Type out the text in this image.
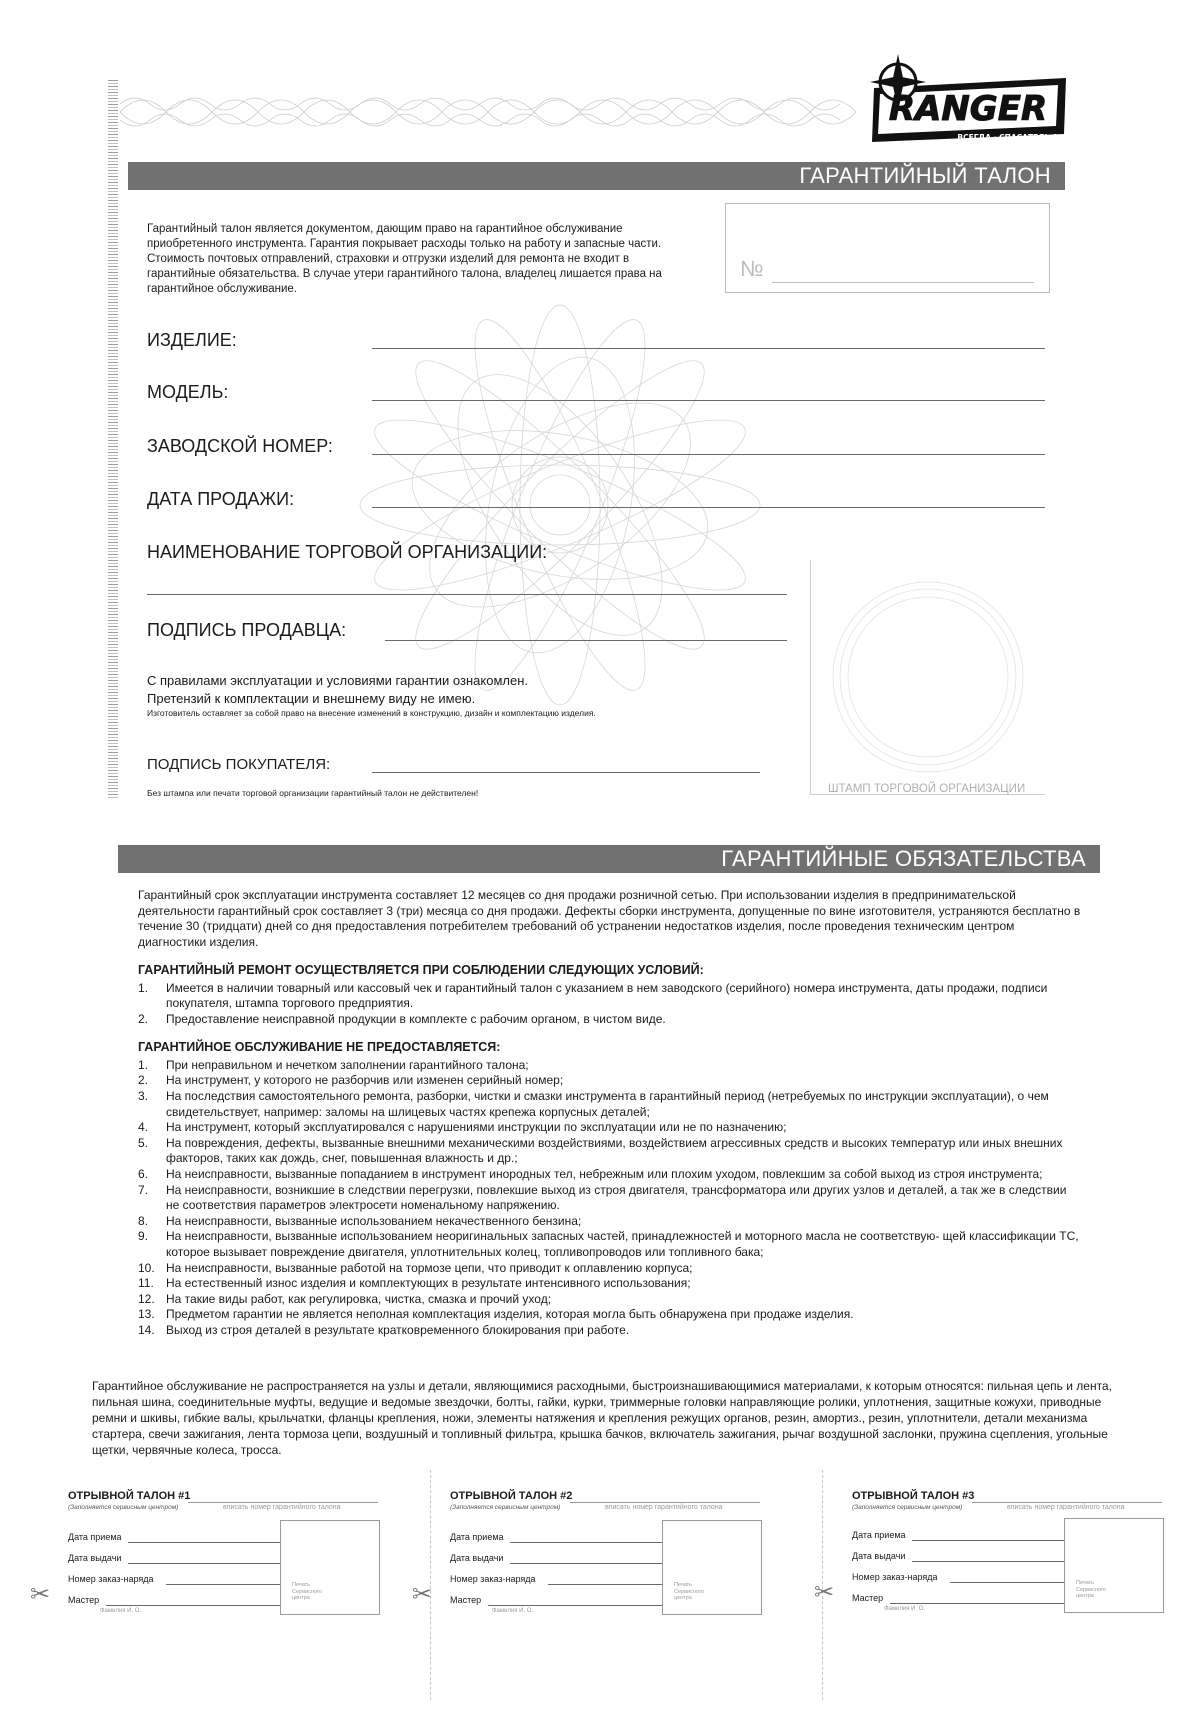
RANGER
ВСЕГДА · СПАСАТЕЛЬ 1
ГАРАНТИЙНЫЙ ТАЛОН
Гарантийный талон является документом, дающим право на гарантийное обслуживание приобретенного инструмента. Гарантия покрывает расходы только на работу и запасные части. Стоимость почтовых отправлений, страховки и отгрузки изделий для ремонта не входит в гарантийные обязательства. В случае утери гарантийного талона, владелец лишается права на гарантийное обслуживание.
№
ИЗДЕЛИЕ:
МОДЕЛЬ:
ЗАВОДСКОЙ НОМЕР:
ДАТА ПРОДАЖИ:
НАИМЕНОВАНИЕ ТОРГОВОЙ ОРГАНИЗАЦИИ:
ПОДПИСЬ ПРОДАВЦА:
ШТАМП ТОРГОВОЙ ОРГАНИЗАЦИИ
С правилами эксплуатации и условиями гарантии ознакомлен.
Претензий к комплектации и внешнему виду не имею.
Изготовитель оставляет за собой право на внесение изменений в конструкцию, дизайн и комплектацию изделия.
ПОДПИСЬ ПОКУПАТЕЛЯ:
Без штампа или печати торговой организации гарантийный талон не действителен!
ГАРАНТИЙНЫЕ ОБЯЗАТЕЛЬСТВА
Гарантийный срок эксплуатации инструмента составляет 12 месяцев со дня продажи розничной сетью. При использовании изделия в предпринимательской деятельности гарантийный срок составляет 3 (три) месяца со дня продажи. Дефекты сборки инструмента, допущенные по вине изготовителя, устраняются бесплатно в течение 30 (тридцати) дней со дня предоставления потребителем требований об устранении недостатков изделия, после проведения техническим центром диагностики изделия.
ГАРАНТИЙНЫЙ РЕМОНТ ОСУЩЕСТВЛЯЕТСЯ ПРИ СОБЛЮДЕНИИ СЛЕДУЮЩИХ УСЛОВИЙ:
1. Имеется в наличии товарный или кассовый чек и гарантийный талон с указанием в нем заводского (серийного) номера инструмента, даты продажи, подписи покупателя, штампа торгового предприятия.
2. Предоставление неисправной продукции в комплекте с рабочим органом, в чистом виде.
ГАРАНТИЙНОЕ ОБСЛУЖИВАНИЕ НЕ ПРЕДОСТАВЛЯЕТСЯ:
1. При неправильном и нечетком заполнении гарантийного талона;
2. На инструмент, у которого не разборчив или изменен серийный номер;
3. На последствия самостоятельного ремонта, разборки, чистки и смазки инструмента в гарантийный период (нетребуемых по инструкции эксплуатации), о чем свидетельствует, например: заломы на шлицевых частях крепежа корпусных деталей;
4. На инструмент, который эксплуатировался с нарушениями инструкции по эксплуатации или не по назначению;
5. На повреждения, дефекты, вызванные внешними механическими воздействиями, воздействием агрессивных средств и высоких температур или иных внешних факторов, таких как дождь, снег, повышенная влажность и др.;
6. На неисправности, вызванные попаданием в инструмент инородных тел, небрежным или плохим уходом, повлекшим за собой выход из строя инструмента;
7. На неисправности, возникшие в следствии перегрузки, повлекшие выход из строя двигателя, трансформатора или других узлов и деталей, а так же в следствии не соответствия параметров электросети номенальному напряжению.
8. На неисправности, вызванные использованием некачественного бензина;
9. На неисправности, вызванные использованием неоригинальных запасных частей, принадлежностей и моторного масла не соответствую- щей классификации ТС, которое вызывает повреждение двигателя, уплотнительных колец, топливопроводов или топливного бака;
10. На неисправности, вызванные работой на тормозе цепи, что приводит к оплавлению корпуса;
11. На естественный износ изделия и комплектующих в результате интенсивного использования;
12. На такие виды работ, как регулировка, чистка, смазка и прочий уход;
13. Предметом гарантии не является неполная комплектация изделия, которая могла быть обнаружена при продаже изделия.
14. Выход из строя деталей в результате кратковременного блокирования при работе.
Гарантийное обслуживание не распространяется на узлы и детали, являющимися расходными, быстроизнашивающимися материалами, к которым относятся: пильная цепь и лента, пильная шина, соединительные муфты, ведущие и ведомые звездочки, болты, гайки, курки, триммерные головки направляющие ролики, уплотнения, защитные кожухи, приводные ремни и шкивы, гибкие валы, крыльчатки, фланцы крепления, ножи, элементы натяжения и крепления режущих органов, резин, амортиз., резин, уплотнители, детали механизма стартера, свечи зажигания, лента тормоза цепи, воздушный и топливный фильтра, крышка бачков, включатель зажигания, рычаг воздушной заслонки, пружина сцепления, угольные щетки, червячные колеса, тросса.
ОТРЫВНОЙ ТАЛОН #1
(Заполняется сервисным центром)	вписать номер гарантийного талона
Дата приема
Дата выдачи
Номер заказ-наряда
Мастер
Фамилия И. О.
Печать Сервисного центра
✂
ОТРЫВНОЙ ТАЛОН #2
(Заполняется сервисным центром)	вписать номер гарантийного талона
Дата приема
Дата выдачи
Номер заказ-наряда
Мастер
Фамилия И. О.
Печать Сервисного центра
✂
ОТРЫВНОЙ ТАЛОН #3
(Заполняется сервисным центром)	вписать номер гарантийного талона
Дата приема
Дата выдачи
Номер заказ-наряда
Мастер
Фамилия И. О.
Печать Сервисного центра
✂
